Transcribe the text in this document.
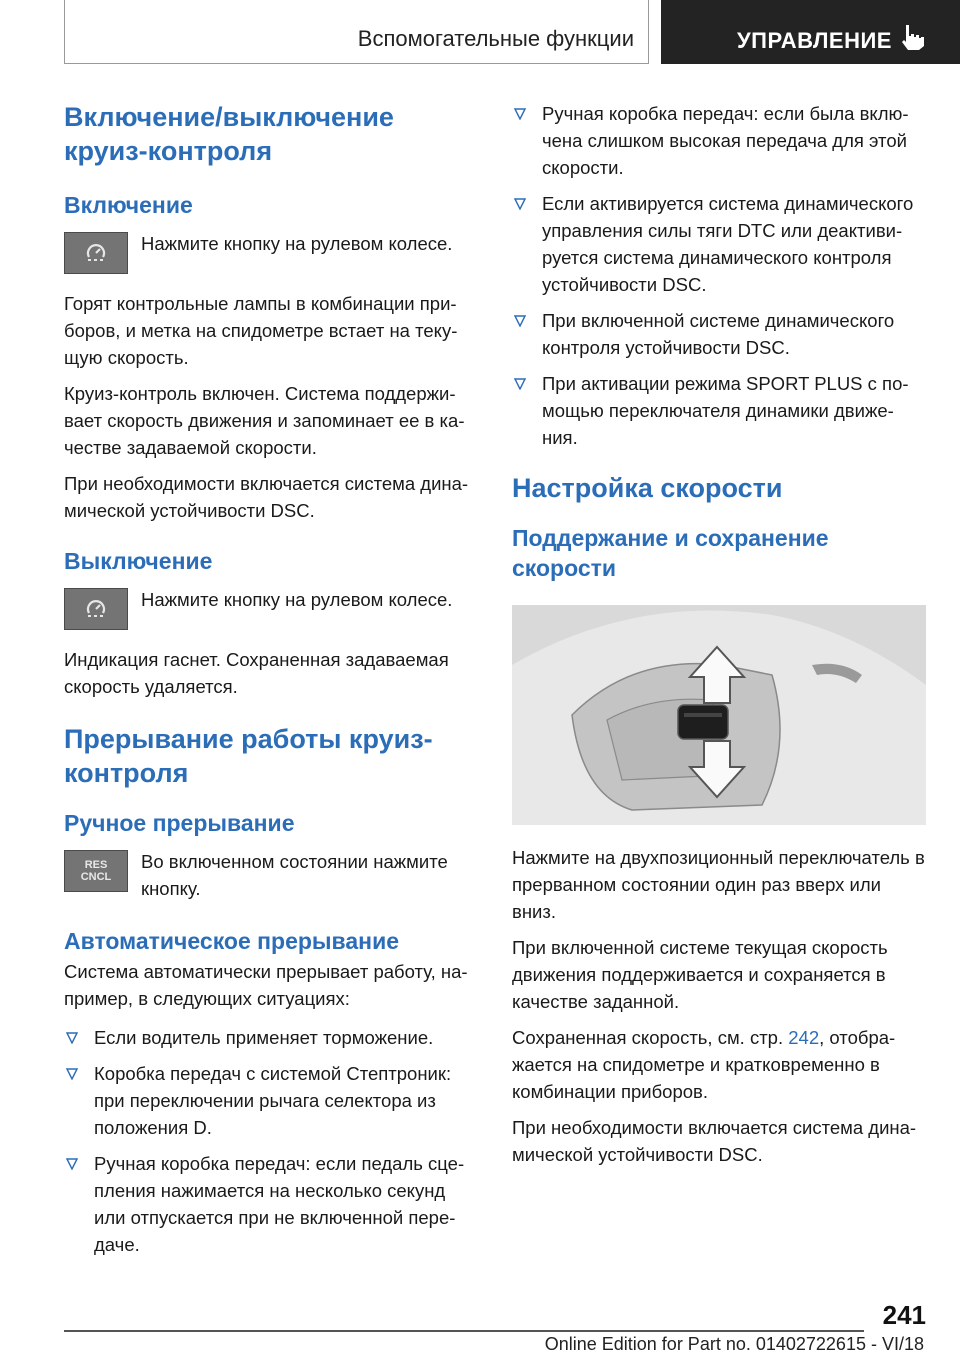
Вспомогательные функции	УПРАВЛЕНИЕ
Включение/выключение круиз-контроля
Включение
Нажмите кнопку на рулевом колесе.

Горят контрольные лампы в комбинации при-боров, и метка на спидометре встает на теку-щую скорость.

Круиз-контроль включен. Система поддержи-вает скорость движения и запоминает ее в ка-честве задаваемой скорости.

При необходимости включается система дина-мической устойчивости DSC.

Выключение
Нажмите кнопку на рулевом колесе.

Индикация гаснет. Сохраненная задаваемая скорость удаляется.

Прерывание работы круиз-контроля
Ручное прерывание
RES
CNCL
Во включенном состоянии нажмите кнопку.
Автоматическое прерывание

Система автоматически прерывает работу, на-пример, в следующих ситуациях:

Если водитель применяет торможение.
Коробка передач с системой Стептроник: при переключении рычага селектора из положения D.
Ручная коробка передач: если педаль сце-пления нажимается на несколько секунд или отпускается при не включенной пере-даче.
Ручная коробка передач: если была вклю-чена слишком высокая передача для этой скорости.
Если активируется система динамического управления силы тяги DTC или деактиви-руется система динамического контроля устойчивости DSC.
При включенной системе динамического контроля устойчивости DSC.
При активации режима SPORT PLUS с по-мощью переключателя динамики движе-ния.
Настройка скорости
Поддержание и сохранение скорости

Нажмите на двухпозиционный переключатель в прерванном состоянии один раз вверх или вниз.

При включенной системе текущая скорость движения поддерживается и сохраняется в качестве заданной.

Сохраненная скорость, см. стр. 242, отобра-жается на спидометре и кратковременно в комбинации приборов.

При необходимости включается система дина-мической устойчивости DSC.

241
Online Edition for Part no. 01402722615 - VI/18
